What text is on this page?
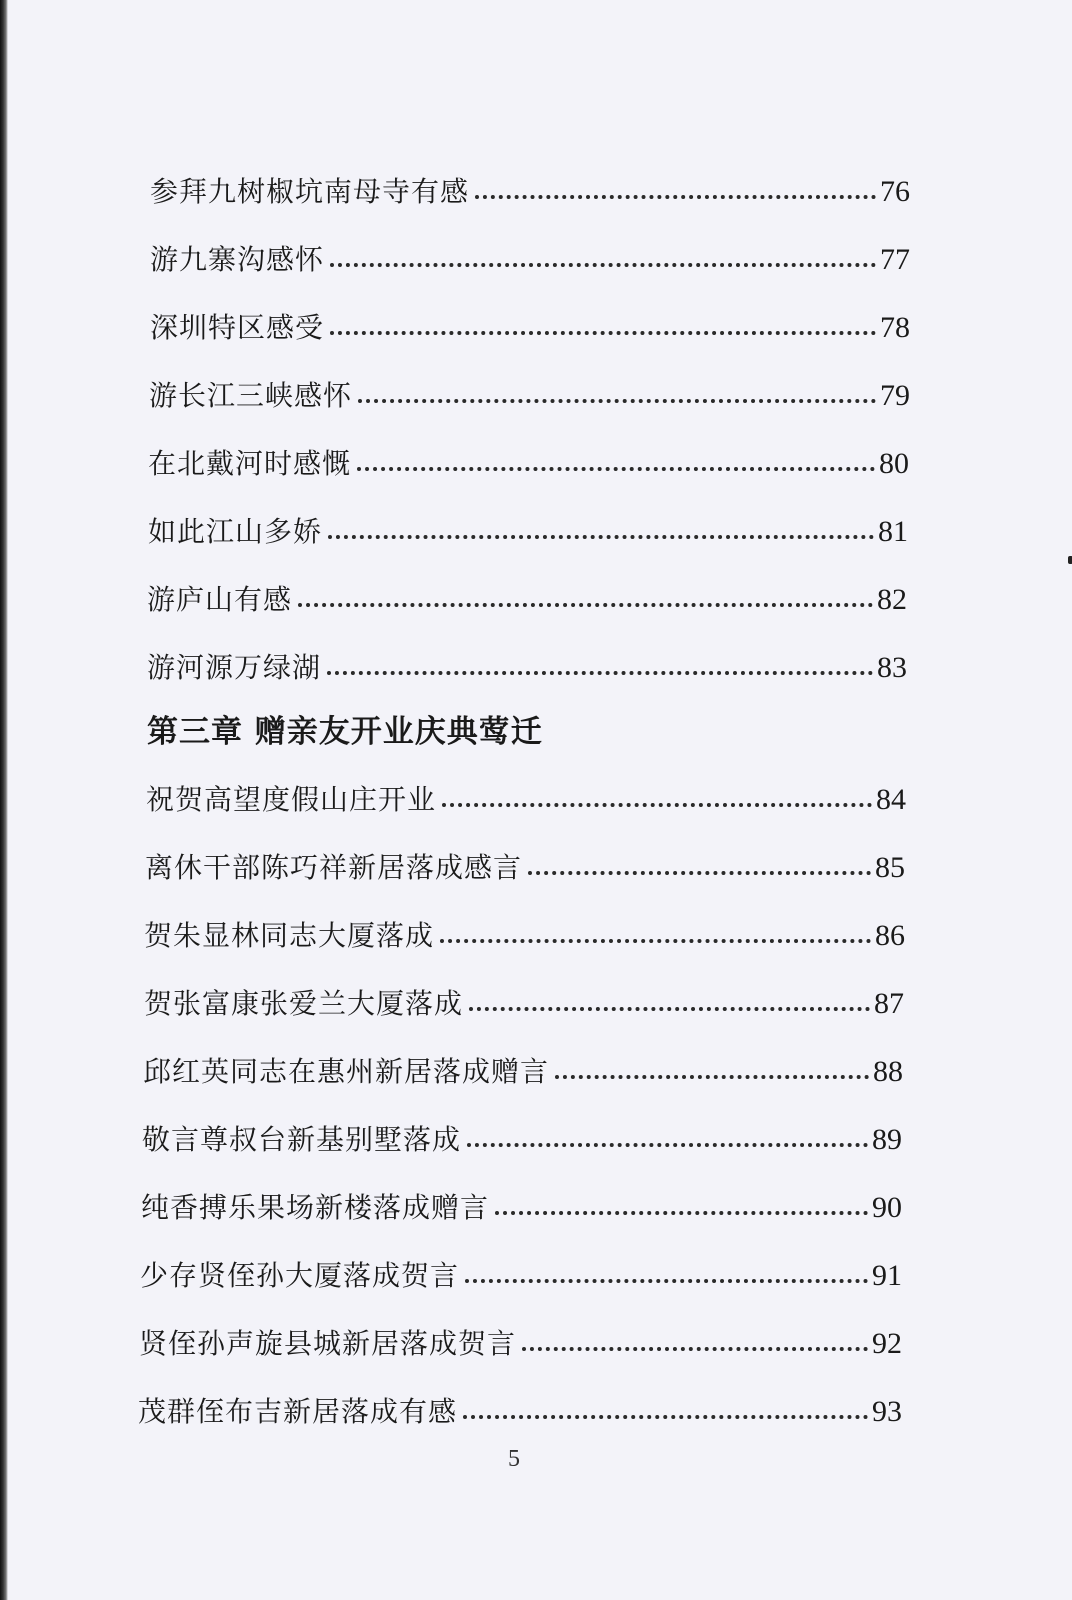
参拜九树椒坑南母寺有感	76
游九寨沟感怀	77
深圳特区感受	78
游长江三峡感怀	79
在北戴河时感慨	80
如此江山多娇	81
游庐山有感	82
游河源万绿湖	83
第三章 赠亲友开业庆典莺迁
祝贺高望度假山庄开业	84
离休干部陈巧祥新居落成感言	85
贺朱显林同志大厦落成	86
贺张富康张爱兰大厦落成	87
邱红英同志在惠州新居落成赠言	88
敬言尊叔台新基别墅落成	89
纯香搏乐果场新楼落成赠言	90
少存贤侄孙大厦落成贺言	91
贤侄孙声旋县城新居落成贺言	92
茂群侄布吉新居落成有感	93
5
